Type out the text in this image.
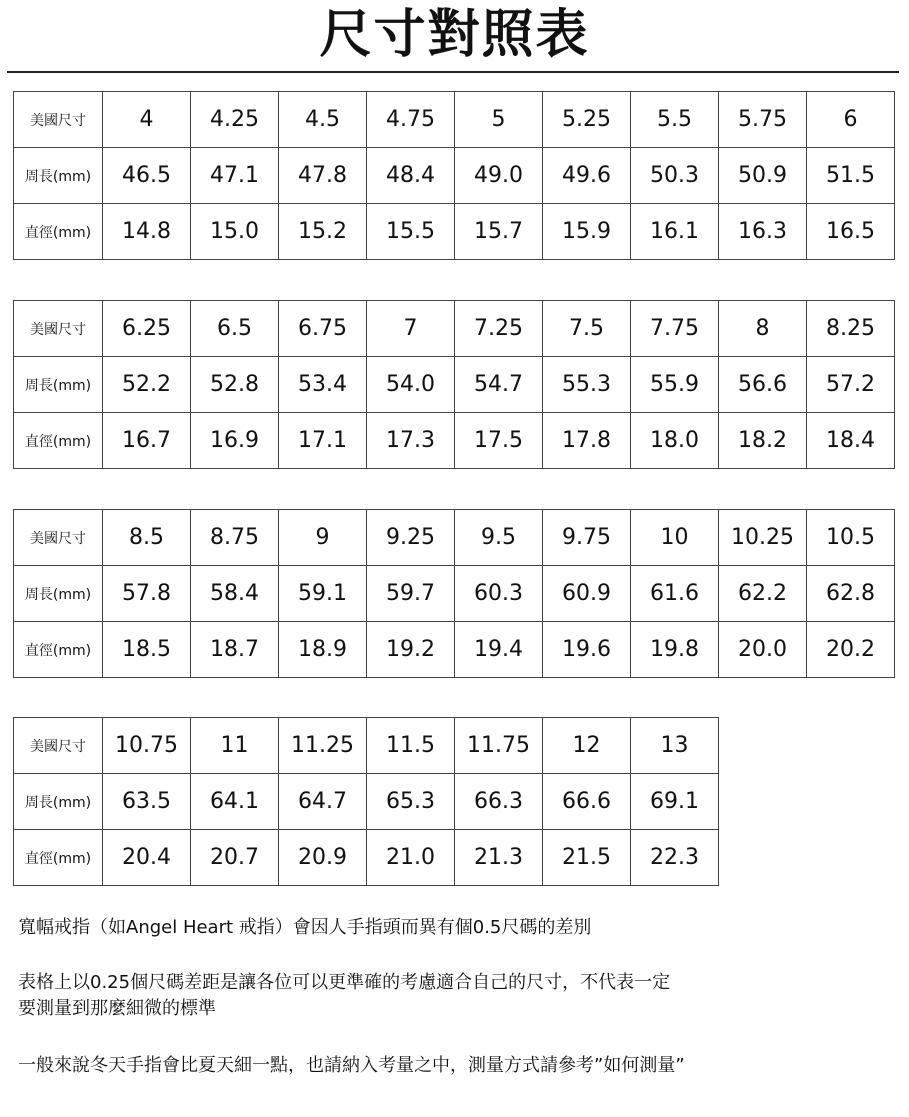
尺寸對照表
美國尺寸	4	4.25	4.5	4.75	5	5.25	5.5	5.75	6
周長(mm)	46.5	47.1	47.8	48.4	49.0	49.6	50.3	50.9	51.5
直徑(mm)	14.8	15.0	15.2	15.5	15.7	15.9	16.1	16.3	16.5
美國尺寸	6.25	6.5	6.75	7	7.25	7.5	7.75	8	8.25
周長(mm)	52.2	52.8	53.4	54.0	54.7	55.3	55.9	56.6	57.2
直徑(mm)	16.7	16.9	17.1	17.3	17.5	17.8	18.0	18.2	18.4
美國尺寸	8.5	8.75	9	9.25	9.5	9.75	10	10.25	10.5
周長(mm)	57.8	58.4	59.1	59.7	60.3	60.9	61.6	62.2	62.8
直徑(mm)	18.5	18.7	18.9	19.2	19.4	19.6	19.8	20.0	20.2
美國尺寸	10.75	11	11.25	11.5	11.75	12	13
周長(mm)	63.5	64.1	64.7	65.3	66.3	66.6	69.1
直徑(mm)	20.4	20.7	20.9	21.0	21.3	21.5	22.3
寬幅戒指（如Angel Heart 戒指）會因人手指頭而異有個0.5尺碼的差別
表格上以0.25個尺碼差距是讓各位可以更準確的考慮適合自己的尺寸，不代表一定
要測量到那麼細微的標準
一般來說冬天手指會比夏天細一點，也請納入考量之中，測量方式請參考”如何測量”
